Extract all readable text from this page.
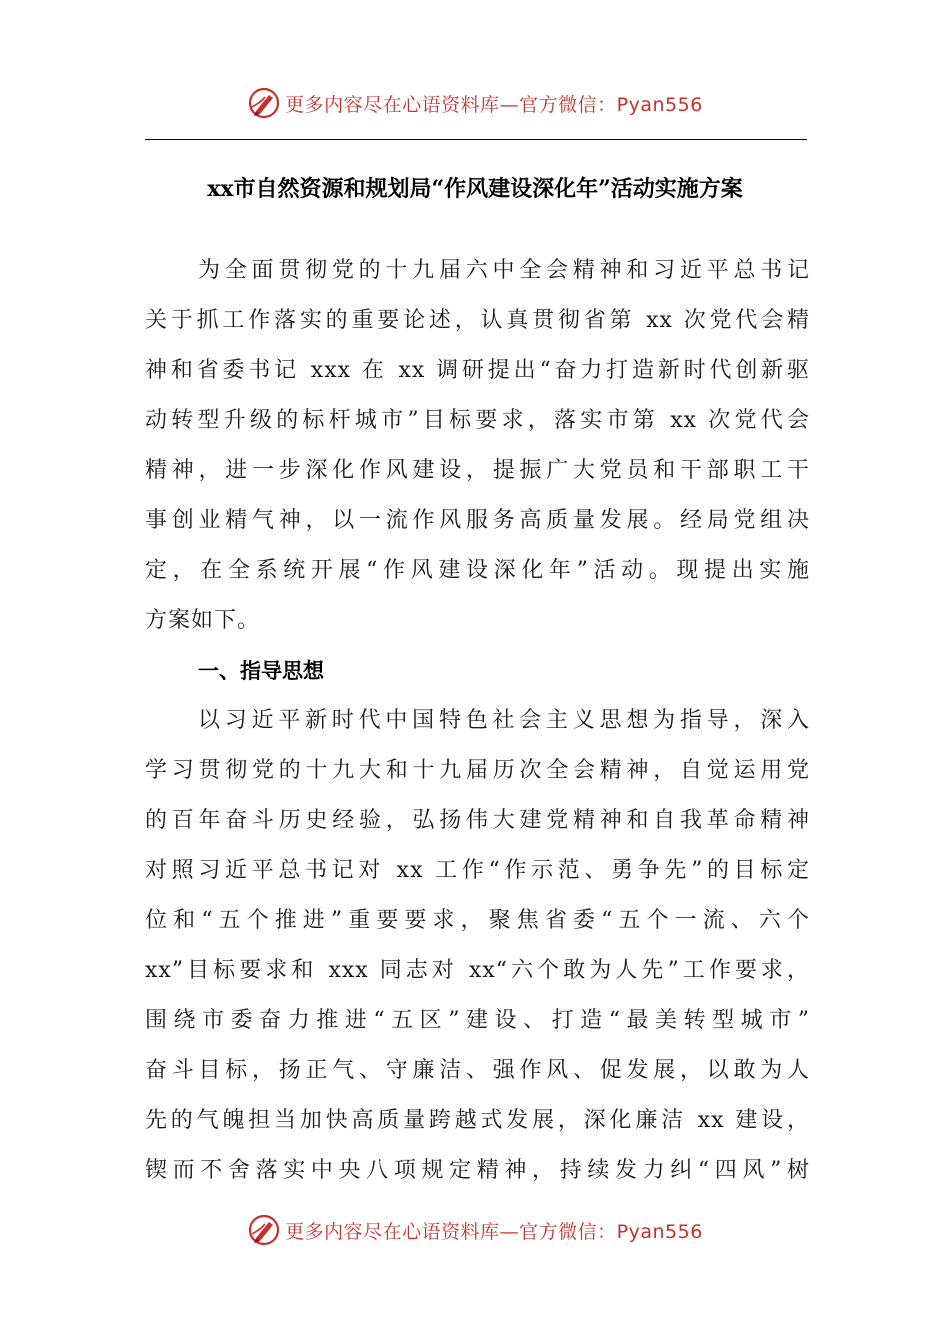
更多内容尽在心语资料库—官方微信：Pyan556
xx市自然资源和规划局“作风建设深化年”活动实施方案
为全面贯彻党的十九届六中全会精神和习近平总书记
关于抓工作落实的重要论述，认真贯彻省第 xx 次党代会精
神和省委书记 xxx 在 xx 调研提出“奋力打造新时代创新驱
动转型升级的标杆城市”目标要求，落实市第 xx 次党代会
精神，进一步深化作风建设，提振广大党员和干部职工干
事创业精气神，以一流作风服务高质量发展。经局党组决
定，在全系统开展“作风建设深化年”活动。现提出实施
方案如下。
一、指导思想
以习近平新时代中国特色社会主义思想为指导，深入
学习贯彻党的十九大和十九届历次全会精神，自觉运用党
的百年奋斗历史经验，弘扬伟大建党精神和自我革命精神
对照习近平总书记对 xx 工作“作示范、勇争先”的目标定
位和“五个推进”重要要求，聚焦省委“五个一流、六个
xx”目标要求和 xxx 同志对 xx“六个敢为人先”工作要求，
围绕市委奋力推进“五区”建设、打造“最美转型城市”
奋斗目标，扬正气、守廉洁、强作风、促发展，以敢为人
先的气魄担当加快高质量跨越式发展，深化廉洁 xx 建设，
锲而不舍落实中央八项规定精神，持续发力纠“四风”树
更多内容尽在心语资料库—官方微信：Pyan556
